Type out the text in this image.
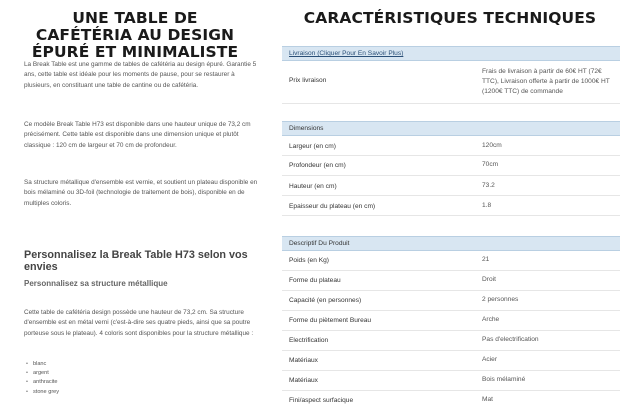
UNE TABLE DE CAFÉTÉRIA AU DESIGN ÉPURÉ ET MINIMALISTE

La Break Table est une gamme de tables de cafétéria au design épuré. Garantie 5 ans, cette table est idéale pour les moments de pause, pour se restaurer à plusieurs, en constituant une table de cantine ou de cafétéria.

Ce modèle Break Table H73 est disponible dans une hauteur unique de 73,2 cm précisément. Cette table est disponible dans une dimension unique et plutôt classique : 120 cm de largeur et 70 cm de profondeur.

Sa structure métallique d'ensemble est vernie, et soutient un plateau disponible en bois mélaminé ou 3D-foil (technologie de traitement de bois), disponible en de multiples coloris.

Personnalisez la Break Table H73 selon vos envies
Personnalisez sa structure métallique

Cette table de cafétéria design possède une hauteur de 73,2 cm. Sa structure d'ensemble est en métal verni (c'est-à-dire ses quatre pieds, ainsi que sa poutre porteuse sous le plateau). 4 coloris sont disponibles pour la structure métallique :

• blanc
• argent
• anthracite
• stone grey
CARACTÉRISTIQUES TECHNIQUES
Livraison (Cliquer Pour En Savoir Plus)
Prix livraison
Frais de livraison à partir de 60€ HT (72€ TTC), Livraison offerte à partir de 1000€ HT (1200€ TTC) de commande
Dimensions
Largeur (en cm)	120cm
Profondeur (en cm)	70cm
Hauteur (en cm)	73.2
Epaisseur du plateau (en cm)	1.8
Descriptif Du Produit
Poids (en Kg)	21
Forme du plateau	Droit
Capacité (en personnes)	2 personnes
Forme du piètement Bureau	Arche
Electrification	Pas d'electrification
Matériaux	Acier
Matériaux	Bois mélaminé
Fini/aspect surfacique	Mat
